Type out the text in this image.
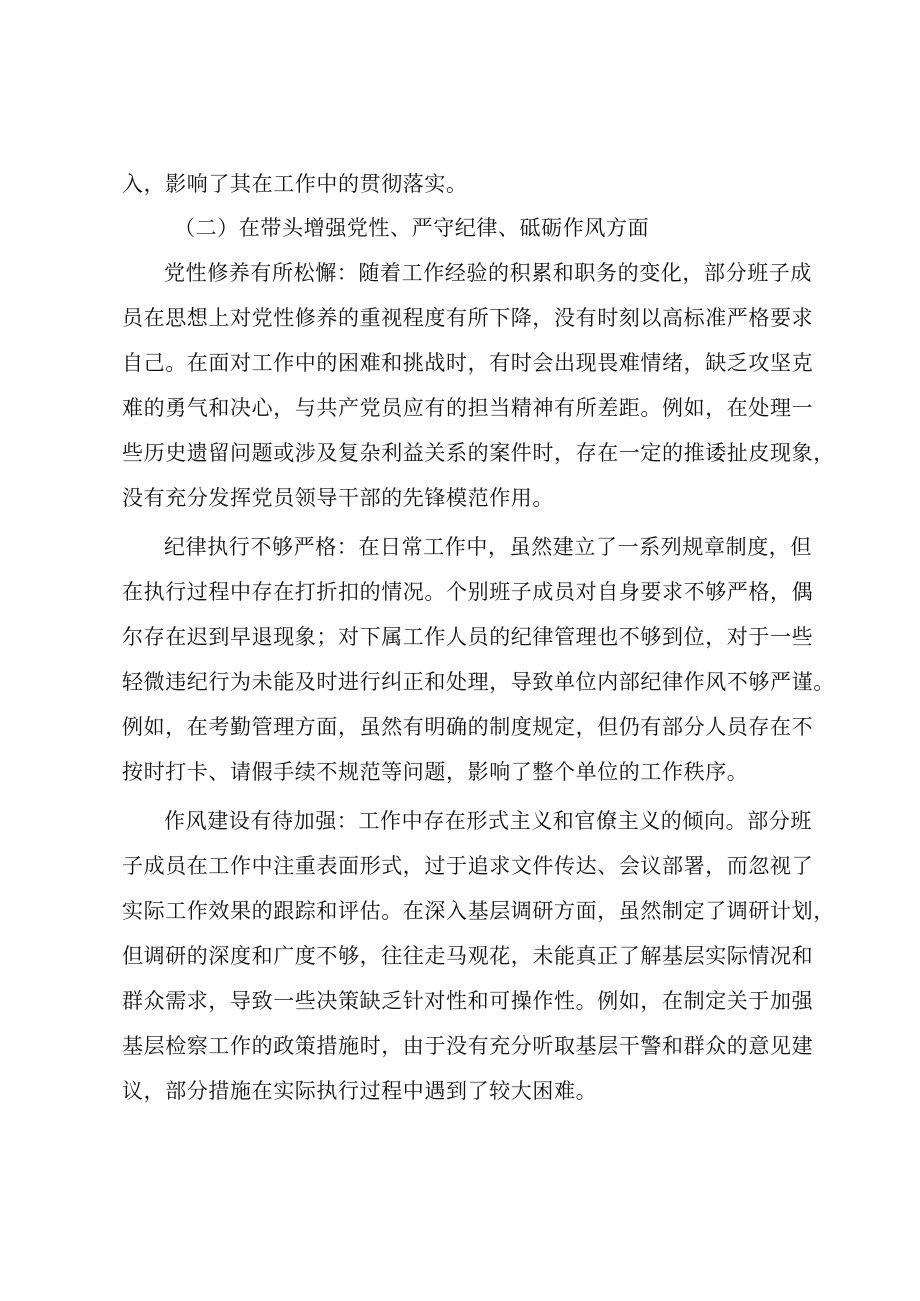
入，影响了其在工作中的贯彻落实。
（二）在带头增强党性、严守纪律、砥砺作风方面
党性修养有所松懈：随着工作经验的积累和职务的变化，部分班子成
员在思想上对党性修养的重视程度有所下降，没有时刻以高标准严格要求
自己。在面对工作中的困难和挑战时，有时会出现畏难情绪，缺乏攻坚克
难的勇气和决心，与共产党员应有的担当精神有所差距。例如，在处理一
些历史遗留问题或涉及复杂利益关系的案件时，存在一定的推诿扯皮现象，
没有充分发挥党员领导干部的先锋模范作用。
纪律执行不够严格：在日常工作中，虽然建立了一系列规章制度，但
在执行过程中存在打折扣的情况。个别班子成员对自身要求不够严格，偶
尔存在迟到早退现象；对下属工作人员的纪律管理也不够到位，对于一些
轻微违纪行为未能及时进行纠正和处理，导致单位内部纪律作风不够严谨。
例如，在考勤管理方面，虽然有明确的制度规定，但仍有部分人员存在不
按时打卡、请假手续不规范等问题，影响了整个单位的工作秩序。
作风建设有待加强：工作中存在形式主义和官僚主义的倾向。部分班
子成员在工作中注重表面形式，过于追求文件传达、会议部署，而忽视了
实际工作效果的跟踪和评估。在深入基层调研方面，虽然制定了调研计划，
但调研的深度和广度不够，往往走马观花，未能真正了解基层实际情况和
群众需求，导致一些决策缺乏针对性和可操作性。例如，在制定关于加强
基层检察工作的政策措施时，由于没有充分听取基层干警和群众的意见建
议，部分措施在实际执行过程中遇到了较大困难。
